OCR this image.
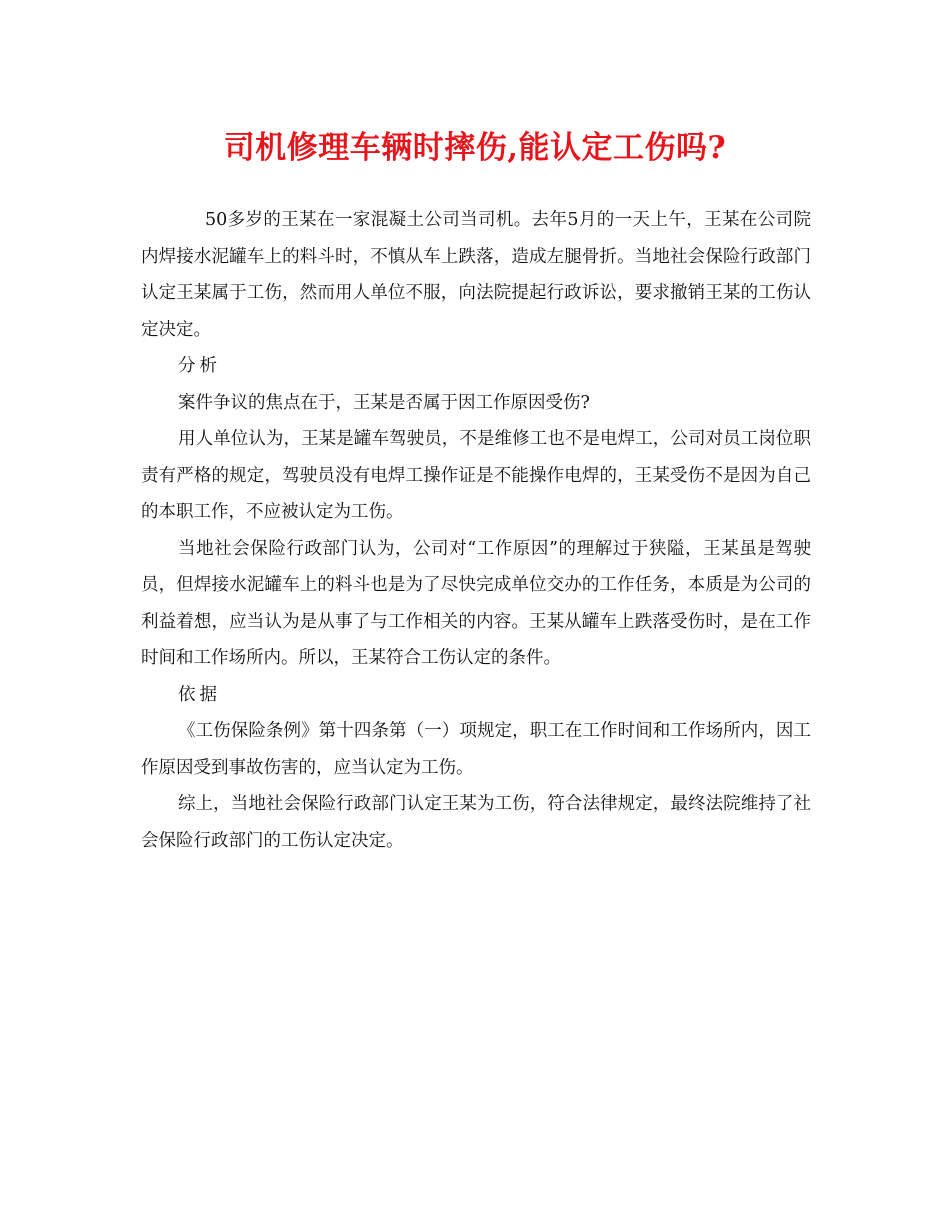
司机修理车辆时摔伤,能认定工伤吗?

50多岁的王某在一家混凝土公司当司机。去年5月的一天上午，王某在公司院内焊接水泥罐车上的料斗时，不慎从车上跌落，造成左腿骨折。当地社会保险行政部门认定王某属于工伤，然而用人单位不服，向法院提起行政诉讼，要求撤销王某的工伤认定决定。

分析

案件争议的焦点在于，王某是否属于因工作原因受伤?

用人单位认为，王某是罐车驾驶员，不是维修工也不是电焊工，公司对员工岗位职责有严格的规定，驾驶员没有电焊工操作证是不能操作电焊的，王某受伤不是因为自己的本职工作，不应被认定为工伤。

当地社会保险行政部门认为，公司对“工作原因”的理解过于狭隘，王某虽是驾驶员，但焊接水泥罐车上的料斗也是为了尽快完成单位交办的工作任务，本质是为公司的利益着想，应当认为是从事了与工作相关的内容。王某从罐车上跌落受伤时，是在工作时间和工作场所内。所以，王某符合工伤认定的条件。

依据

《工伤保险条例》第十四条第（一）项规定，职工在工作时间和工作场所内，因工作原因受到事故伤害的，应当认定为工伤。

综上，当地社会保险行政部门认定王某为工伤，符合法律规定，最终法院维持了社会保险行政部门的工伤认定决定。
